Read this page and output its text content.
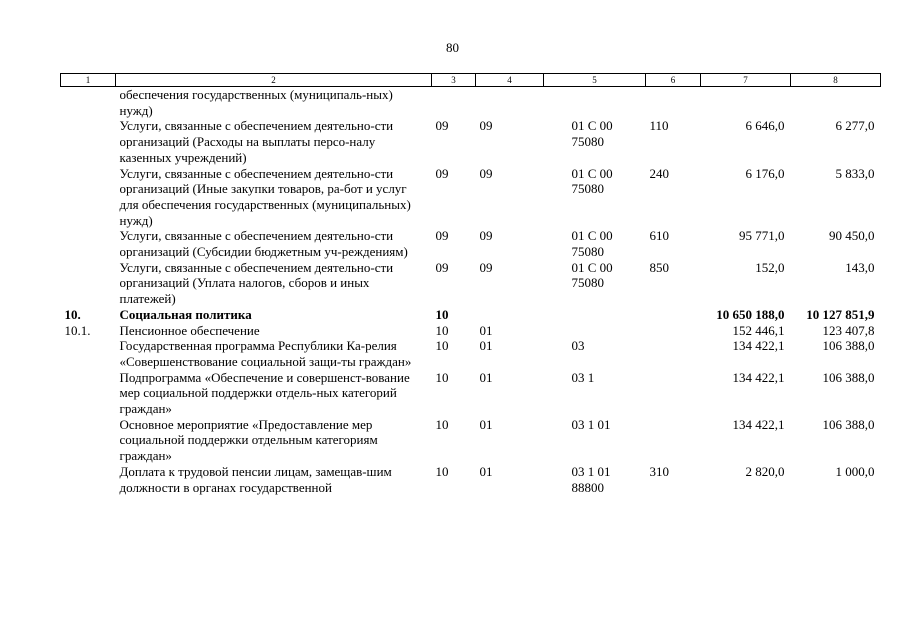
80
1	2	3	4	5	6	7	8
	обеспечения государственных (муниципаль-ных) нужд)						
	Услуги, связанные с обеспечением деятельно-сти организаций (Расходы на выплаты персо-налу казенных учреждений)	09	09	01 С 00 75080	110	6 646,0	6 277,0
	Услуги, связанные с обеспечением деятельно-сти организаций (Иные закупки товаров, ра-бот и услуг для обеспечения государственных (муниципальных) нужд)	09	09	01 С 00 75080	240	6 176,0	5 833,0
	Услуги, связанные с обеспечением деятельно-сти организаций (Субсидии бюджетным уч-реждениям)	09	09	01 С 00 75080	610	95 771,0	90 450,0
	Услуги, связанные с обеспечением деятельно-сти организаций (Уплата налогов, сборов и иных платежей)	09	09	01 С 00 75080	850	152,0	143,0
10.	Социальная политика	10				10 650 188,0	10 127 851,9
10.1.	Пенсионное обеспечение	10	01			152 446,1	123 407,8
	Государственная программа Республики Ка-релия «Совершенствование социальной защи-ты граждан»	10	01	03		134 422,1	106 388,0
	Подпрограмма «Обеспечение и совершенст-вование мер социальной поддержки отдель-ных категорий граждан»	10	01	03 1		134 422,1	106 388,0
	Основное мероприятие «Предоставление мер социальной поддержки отдельным категориям граждан»	10	01	03 1 01		134 422,1	106 388,0
	Доплата к трудовой пенсии лицам, замещав-шим должности в органах государственной	10	01	03 1 01 88800	310	2 820,0	1 000,0
